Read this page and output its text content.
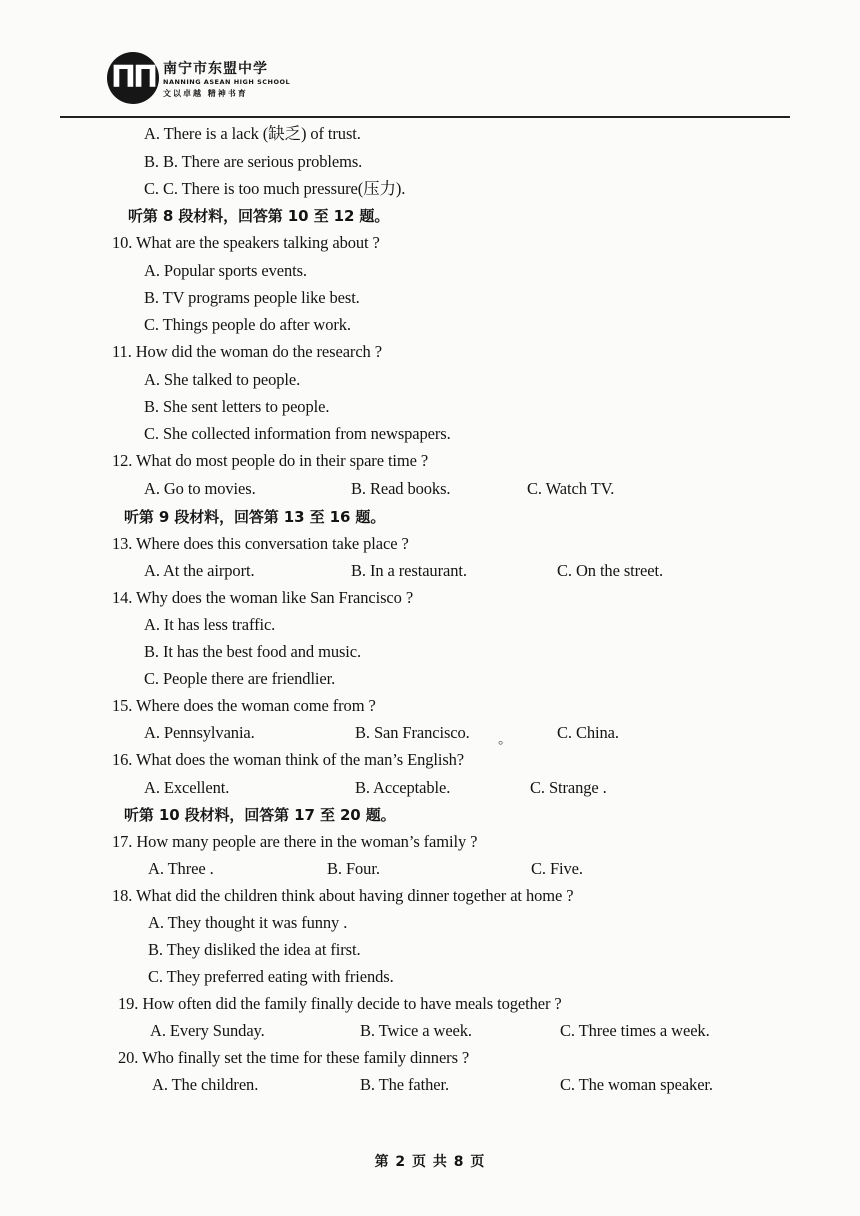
ΠΠ 南宁市东盟中学
NANNING ASEAN HIGH SCHOOL
文以卓越 精神书育
A. There is a lack (缺乏) of trust.
B. B. There are serious problems.
C. C. There is too much pressure(压力).
听第 8 段材料，回答第 10 至 12 题。
10. What are the speakers talking about ?
A. Popular sports events.
B. TV programs people like best.
C. Things people do after work.
11. How did the woman do the research ?
A. She talked to people.
B. She sent letters to people.
C. She collected information from newspapers.
12. What do most people do in their spare time ?
A. Go to movies.	B. Read books.	C. Watch TV.
听第 9 段材料，回答第 13 至 16 题。
13. Where does this conversation take place ?
A. At the airport.	B. In a restaurant.	C. On the street.
14. Why does the woman like San Francisco ?
A. It has less traffic.
B. It has the best food and music.
C. People there are friendlier.
15. Where does the woman come from ?
A. Pennsylvania.	B. San Francisco.	C. China.
16. What does the woman think of the man’s English?
A. Excellent.	B. Acceptable.	C. Strange .
听第 10 段材料，回答第 17 至 20 题。
17. How many people are there in the woman’s family ?
A. Three .	B. Four.	C. Five.
18. What did the children think about having dinner together at home ?
A. They thought it was funny .
B. They disliked the idea at first.
C. They preferred eating with friends.
19. How often did the family finally decide to have meals together ?
A. Every Sunday.	B. Twice a week.	C. Three times a week.
20. Who finally set the time for these family dinners ?
A. The children.	B. The father.	C. The woman speaker.
°
第 2 页 共 8 页
